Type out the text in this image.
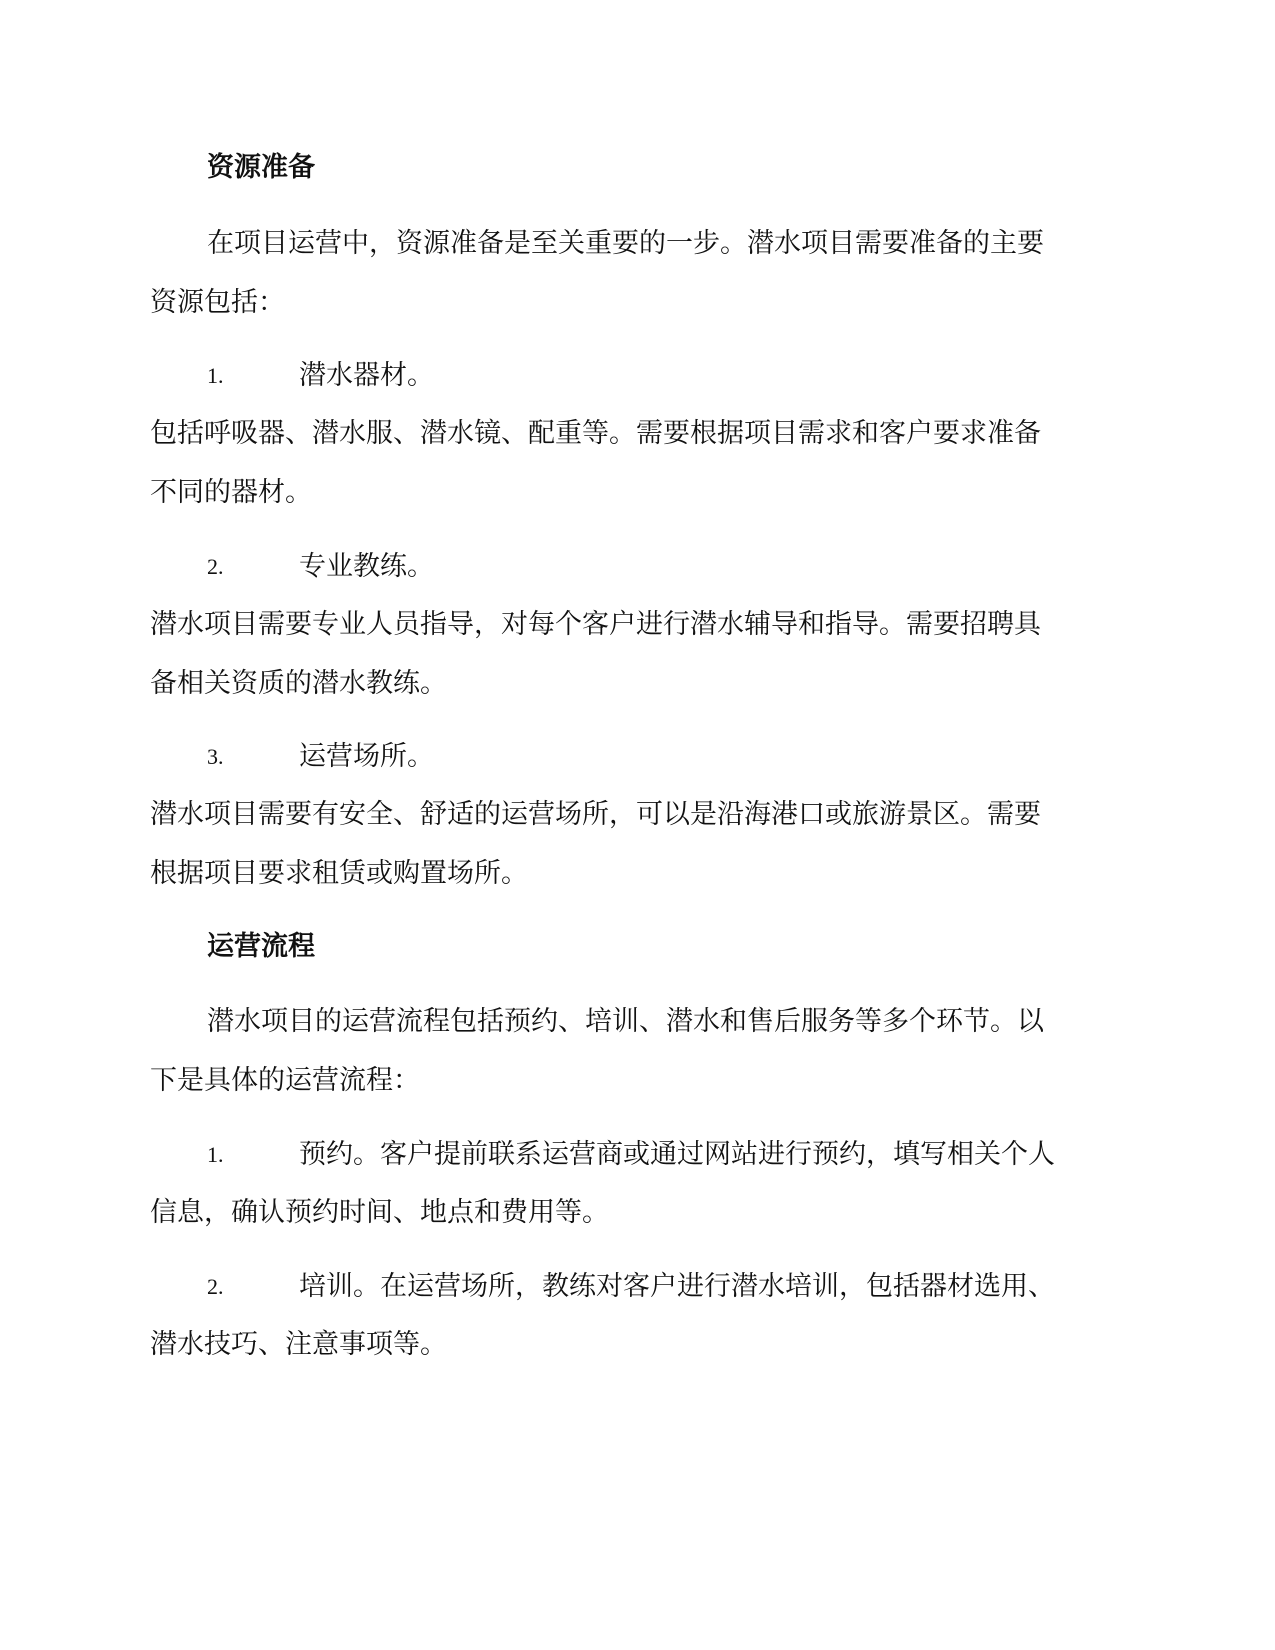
资源准备
在项目运营中，资源准备是至关重要的一步。潜水项目需要准备的主要
资源包括：
1.	潜水器材。
包括呼吸器、潜水服、潜水镜、配重等。需要根据项目需求和客户要求准备
不同的器材。
2.	专业教练。
潜水项目需要专业人员指导，对每个客户进行潜水辅导和指导。需要招聘具
备相关资质的潜水教练。
3.	运营场所。
潜水项目需要有安全、舒适的运营场所，可以是沿海港口或旅游景区。需要
根据项目要求租赁或购置场所。
运营流程
潜水项目的运营流程包括预约、培训、潜水和售后服务等多个环节。以
下是具体的运营流程：
1.	预约。客户提前联系运营商或通过网站进行预约，填写相关个人
信息，确认预约时间、地点和费用等。
2.	培训。在运营场所，教练对客户进行潜水培训，包括器材选用、
潜水技巧、注意事项等。
